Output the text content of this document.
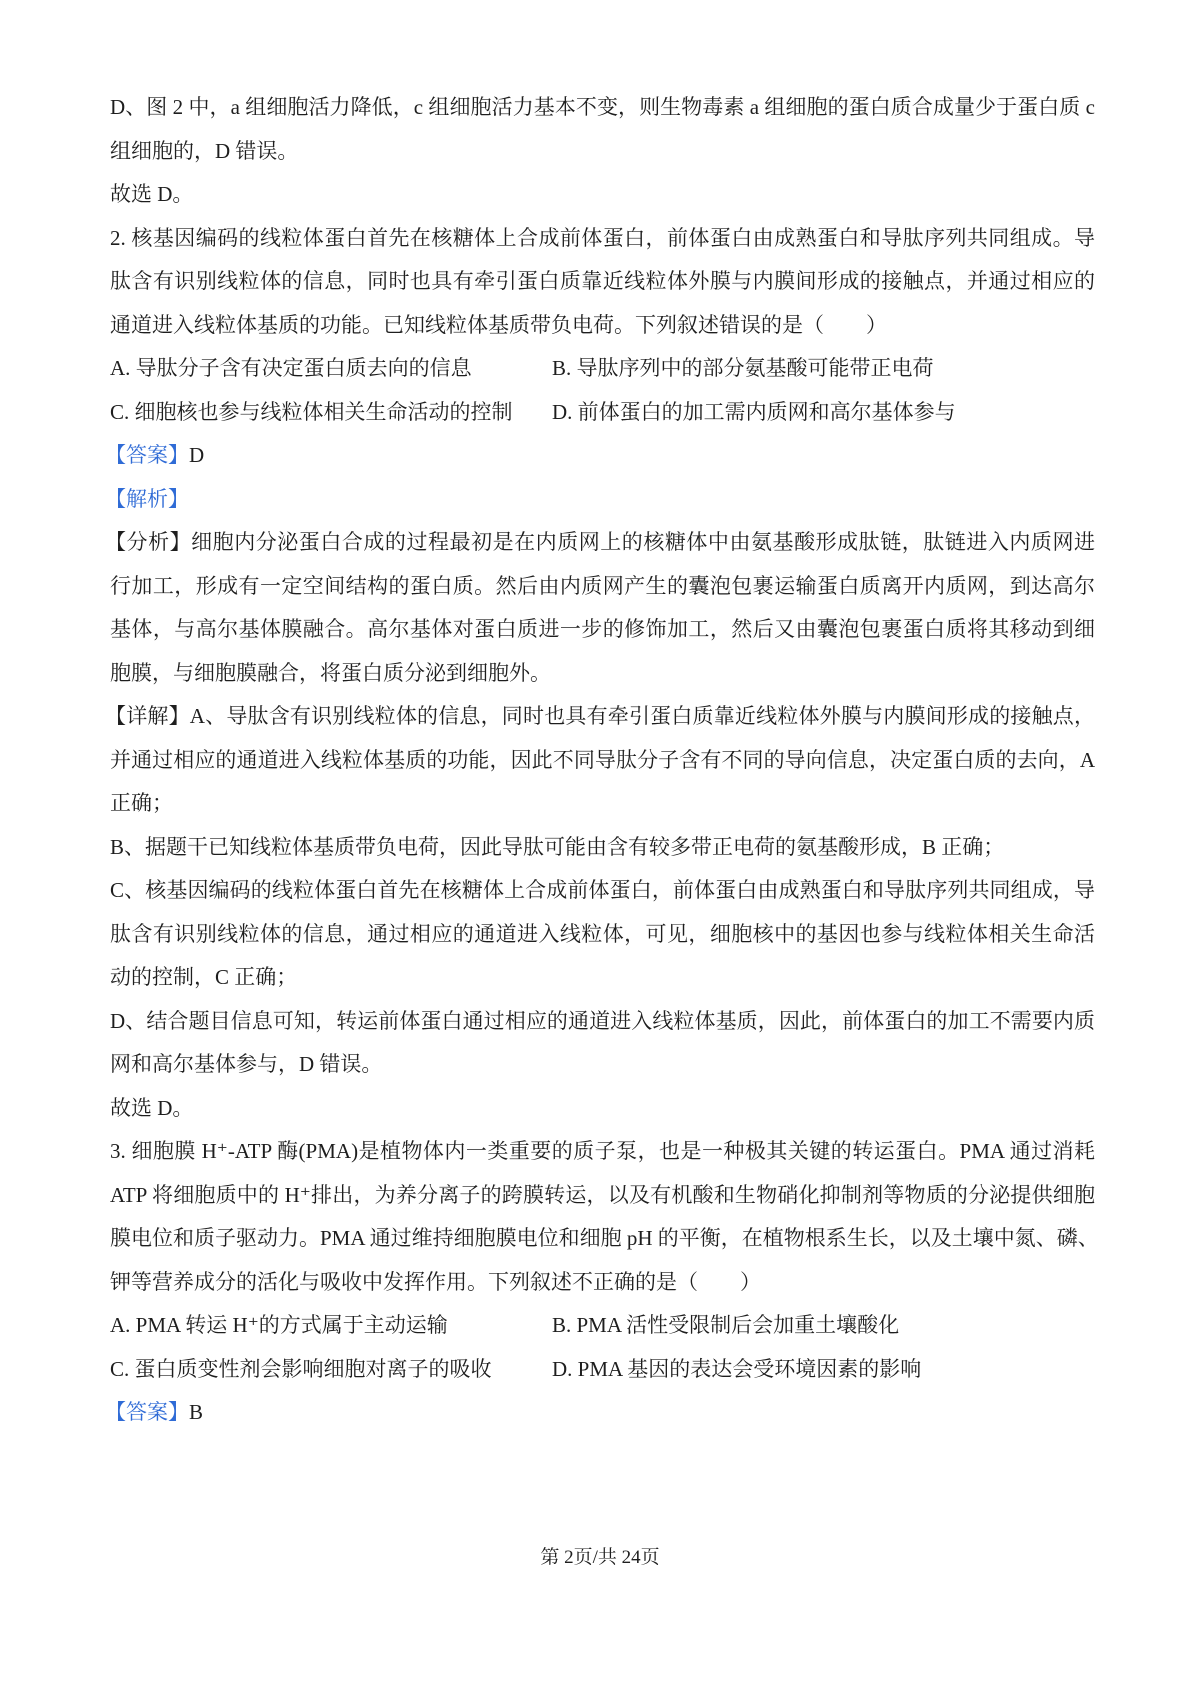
D、图 2 中，a 组细胞活力降低，c 组细胞活力基本不变，则生物毒素 a 组细胞的蛋白质合成量少于蛋白质 c
组细胞的，D 错误。
故选 D。
2. 核基因编码的线粒体蛋白首先在核糖体上合成前体蛋白，前体蛋白由成熟蛋白和导肽序列共同组成。导
肽含有识别线粒体的信息，同时也具有牵引蛋白质靠近线粒体外膜与内膜间形成的接触点，并通过相应的
通道进入线粒体基质的功能。已知线粒体基质带负电荷。下列叙述错误的是（　　）
A. 导肽分子含有决定蛋白质去向的信息	B. 导肽序列中的部分氨基酸可能带正电荷
C. 细胞核也参与线粒体相关生命活动的控制	D. 前体蛋白的加工需内质网和高尔基体参与
【答案】D
【解析】
【分析】细胞内分泌蛋白合成的过程最初是在内质网上的核糖体中由氨基酸形成肽链，肽链进入内质网进
行加工，形成有一定空间结构的蛋白质。然后由内质网产生的囊泡包裹运输蛋白质离开内质网，到达高尔
基体，与高尔基体膜融合。高尔基体对蛋白质进一步的修饰加工，然后又由囊泡包裹蛋白质将其移动到细
胞膜，与细胞膜融合，将蛋白质分泌到细胞外。
【详解】A、导肽含有识别线粒体的信息，同时也具有牵引蛋白质靠近线粒体外膜与内膜间形成的接触点，
并通过相应的通道进入线粒体基质的功能，因此不同导肽分子含有不同的导向信息，决定蛋白质的去向，A
正确；
B、据题干已知线粒体基质带负电荷，因此导肽可能由含有较多带正电荷的氨基酸形成，B 正确；
C、核基因编码的线粒体蛋白首先在核糖体上合成前体蛋白，前体蛋白由成熟蛋白和导肽序列共同组成，导
肽含有识别线粒体的信息，通过相应的通道进入线粒体，可见，细胞核中的基因也参与线粒体相关生命活
动的控制，C 正确；
D、结合题目信息可知，转运前体蛋白通过相应的通道进入线粒体基质，因此，前体蛋白的加工不需要内质
网和高尔基体参与，D 错误。
故选 D。
3. 细胞膜 H⁺-ATP 酶(PMA)是植物体内一类重要的质子泵，也是一种极其关键的转运蛋白。PMA 通过消耗
ATP 将细胞质中的 H⁺排出，为养分离子的跨膜转运，以及有机酸和生物硝化抑制剂等物质的分泌提供细胞
膜电位和质子驱动力。PMA 通过维持细胞膜电位和细胞 pH 的平衡，在植物根系生长，以及土壤中氮、磷、
钾等营养成分的活化与吸收中发挥作用。下列叙述不正确的是（　　）
A. PMA 转运 H⁺的方式属于主动运输	B. PMA 活性受限制后会加重土壤酸化
C. 蛋白质变性剂会影响细胞对离子的吸收	D. PMA 基因的表达会受环境因素的影响
【答案】B
第 2页/共 24页
